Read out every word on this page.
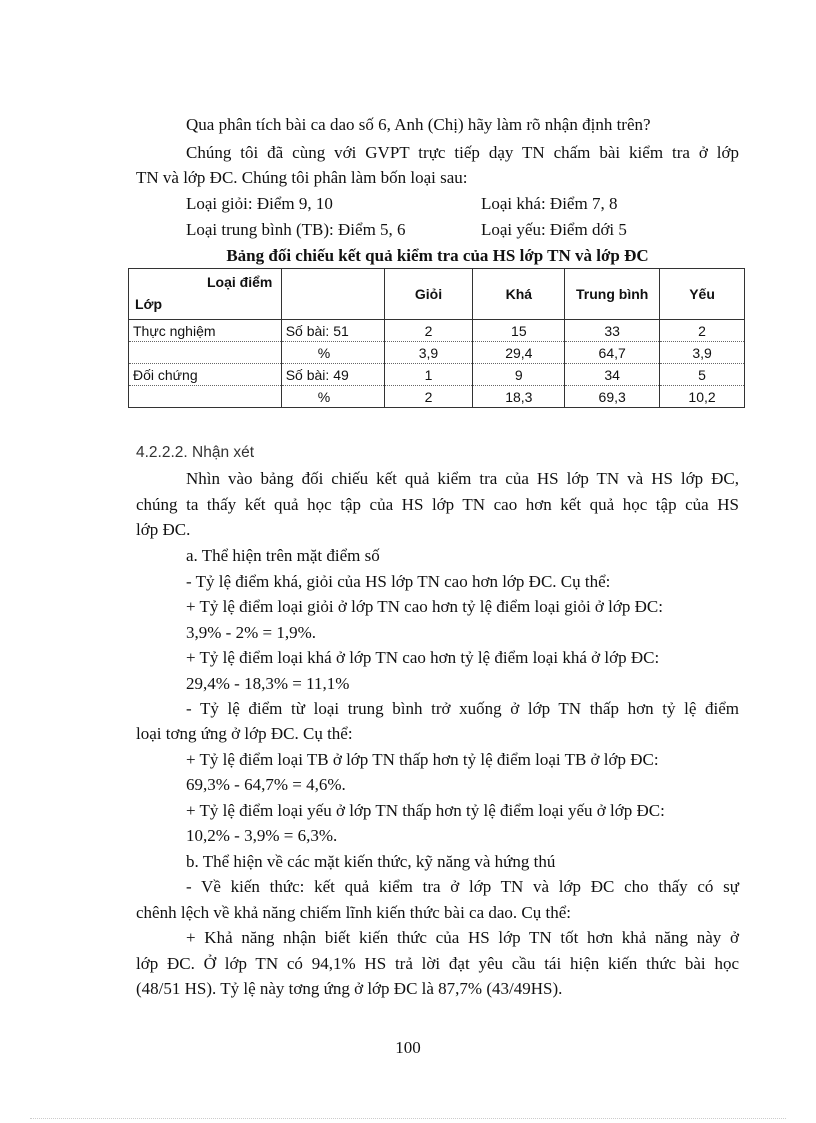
Qua phân tích bài ca dao số 6, Anh (Chị) hãy làm rõ nhận định trên?
Chúng tôi đã cùng với GVPT trực tiếp dạy TN chấm bài kiểm tra ở lớp
TN và lớp ĐC. Chúng tôi phân làm bốn loại sau:
Loại giỏi: Điểm 9, 10	Loại khá: Điểm 7, 8
Loại trung bình (TB): Điểm 5, 6	Loại yếu: Điểm dới 5
Bảng đối chiếu kết quả kiểm tra của HS lớp TN và lớp ĐC
Loại điểm
Lớp		Giỏi	Khá	Trung bình	Yếu
Thực nghiệm	Số bài: 51	2	15	33	2
	%	3,9	29,4	64,7	3,9
Đối chứng	Số bài: 49	1	9	34	5
	%	2	18,3	69,3	10,2
4.2.2.2. Nhận xét
Nhìn vào bảng đối chiếu kết quả kiểm tra của HS lớp TN và HS lớp ĐC,
chúng ta thấy kết quả học tập của HS lớp TN cao hơn kết quả học tập của HS
lớp ĐC.
a. Thể hiện trên mặt điểm số
- Tỷ lệ điểm khá, giỏi của HS lớp TN cao hơn lớp ĐC. Cụ thể:
+ Tỷ lệ điểm loại giỏi ở lớp TN cao hơn tỷ lệ điểm loại giỏi ở lớp ĐC:
3,9% - 2% = 1,9%.
+ Tỷ lệ điểm loại khá ở lớp TN cao hơn tỷ lệ điểm loại khá ở lớp ĐC:
29,4% - 18,3% = 11,1%
- Tỷ lệ điểm từ loại trung bình trở xuống ở lớp TN thấp hơn tỷ lệ điểm
loại tơng ứng ở lớp ĐC. Cụ thể:
+ Tỷ lệ điểm loại TB ở lớp TN thấp hơn tỷ lệ điểm loại TB ở lớp ĐC:
69,3% - 64,7% = 4,6%.
+ Tỷ lệ điểm loại yếu ở lớp TN thấp hơn tỷ lệ điểm loại yếu ở lớp ĐC:
10,2% - 3,9% = 6,3%.
b. Thể hiện về các mặt kiến thức, kỹ năng và hứng thú
- Về kiến thức: kết quả kiểm tra ở lớp TN và lớp ĐC cho thấy có sự
chênh lệch về khả năng chiếm lĩnh kiến thức bài ca dao. Cụ thể:
+ Khả năng nhận biết kiến thức của HS lớp TN tốt hơn khả năng này ở
lớp ĐC. Ở lớp TN có 94,1% HS trả lời đạt yêu cầu tái hiện kiến thức bài học
(48/51 HS). Tỷ lệ này tơng ứng ở lớp ĐC là 87,7% (43/49HS).
100
